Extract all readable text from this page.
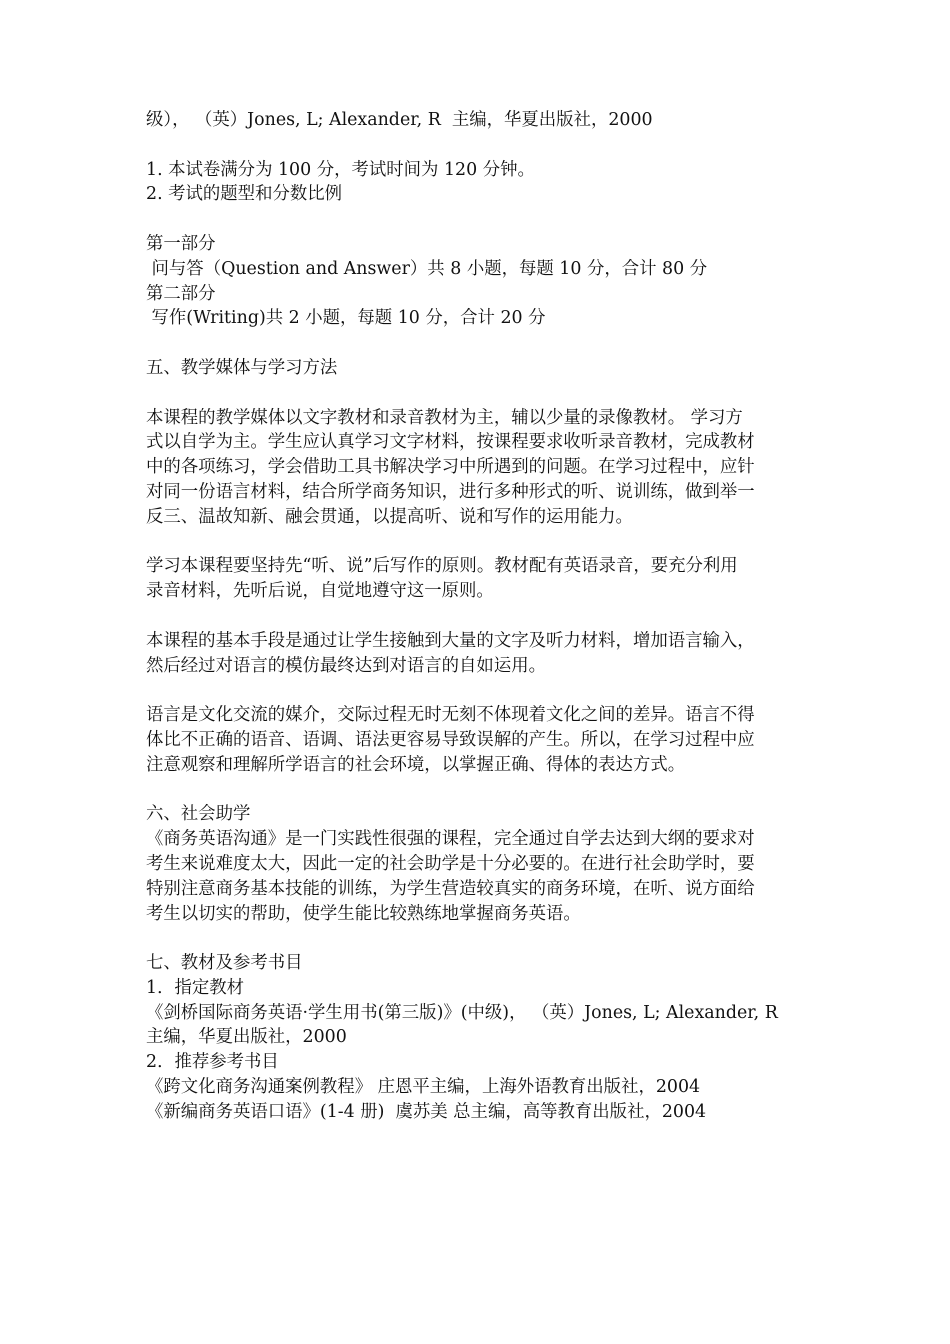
级）， （英）Jones, L; Alexander, R  主编，华夏出版社，2000
1. 本试卷满分为 100 分，考试时间为 120 分钟。
2. 考试的题型和分数比例
第一部分
问与答（Question and Answer）共 8 小题，每题 10 分，合计 80 分
第二部分
写作(Writing)共 2 小题，每题 10 分，合计 20 分
五、教学媒体与学习方法
本课程的教学媒体以文字教材和录音教材为主，辅以少量的录像教材。 学习方
式以自学为主。学生应认真学习文字材料，按课程要求收听录音教材，完成教材
中的各项练习，学会借助工具书解决学习中所遇到的问题。在学习过程中，应针
对同一份语言材料，结合所学商务知识，进行多种形式的听、说训练，做到举一
反三、温故知新、融会贯通，以提高听、说和写作的运用能力。
学习本课程要坚持先“听、说”后写作的原则。教材配有英语录音，要充分利用
录音材料，先听后说，自觉地遵守这一原则。
本课程的基本手段是通过让学生接触到大量的文字及听力材料，增加语言输入，
然后经过对语言的模仿最终达到对语言的自如运用。
语言是文化交流的媒介，交际过程无时无刻不体现着文化之间的差异。语言不得
体比不正确的语音、语调、语法更容易导致误解的产生。所以，在学习过程中应
注意观察和理解所学语言的社会环境，以掌握正确、得体的表达方式。
六、社会助学
《商务英语沟通》是一门实践性很强的课程，完全通过自学去达到大纲的要求对
考生来说难度太大，因此一定的社会助学是十分必要的。在进行社会助学时，要
特别注意商务基本技能的训练，为学生营造较真实的商务环境，在听、说方面给
考生以切实的帮助，使学生能比较熟练地掌握商务英语。
七、教材及参考书目
1．指定教材
《剑桥国际商务英语·学生用书(第三版)》(中级)， （英）Jones, L; Alexander, R
主编，华夏出版社，2000
2．推荐参考书目
《跨文化商务沟通案例教程》 庄恩平主编，上海外语教育出版社，2004
《新编商务英语口语》(1-4 册)  虞苏美 总主编，高等教育出版社，2004
